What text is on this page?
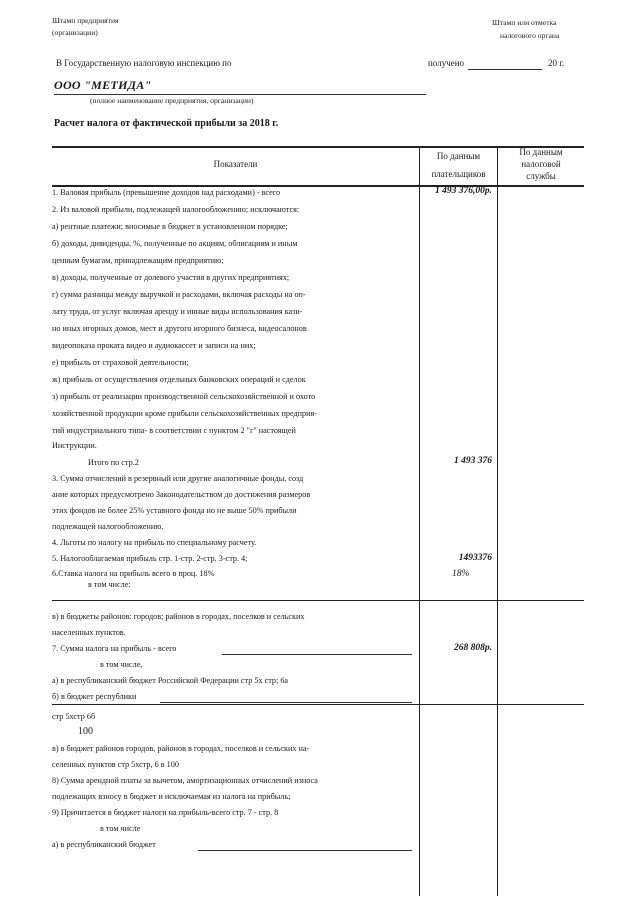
Штамп предприятия
(организации)
Штамп или отметка
налогового органа
В Государственную налоговую инспекцию по	получено	20 г.
ООО "МЕТИДА"
(полное наименование предприятия, организации)
Расчет налога от фактической прибыли за 2018 г.
Показатели
По данным
плательщиков
По данным
налоговой
службы
1. Валовая прибыль (превышение доходов над расходами) - всего
2. Из валовой прибыли, подлежащей налогообложению; исключаются:
а) рентные платежи; вносимые в бюджет в установленном порядке;
б) доходы, дивиденды, %, полученные по акциям, облигациям и иным
ценным бумагам, принадлежащим предприятию;
в) доходы, полученные от долевого участия в других предприятиях;
г) сумма разницы между выручкой и расходами, включая расходы на оп-
лату труда, от услуг включая аренду и инные виды использования кази-
но иных игорных домов, мест и другого игорного бизнеса, видеосалонов
видеопоказа проката видео и аудиокассет и записи на них;
е) прибыль от страховой деятельности;
ж) прибыль от осуществления отдельных банковских операций и сделок
з) прибыль от реализации производственной сельскохозяйственной и охото
хозяйственной продукции кроме прибыли сельскохозяйственных предприя-
тий индустриального типа- в соответствии с пунктом 2 "г" настоящей
Инструкции.
Итого по стр.2
3. Сумма отчислений в резервный или другие аналогичные фонды, созд
ание которых предусмотрено Законодательством до достижения размеров
этих фондов не более 25% уставного фонда но не выше 50% прибыли
подлежащей налогообложению.
4. Льготы по налогу на прибыль по специальному расчету.
5. Налогооблагаемая прибыль стр. 1-стр. 2-стр. 3-стр. 4;
6.Ставка налога на прибыль всего в проц. 18%
в том числе:
в) в бюджеты районов: городов; районов в городах, поселков и сельских
населенных пунктов.
7. Сумма налога на прибыль - всего
в том числе,
а) в республиканский бюджет Российской Федерации стр 5х стр; 6а
б) в бюджет республики
стр 5хстр 6б
100
в) в бюджет районов городов, районов в городах, поселков и сельских на-
селенных пунктов стр 5хстр, 6 в 100
8) Сумма арендной платы за вычетом, амортизационных отчислений износа
подлежащих взносу в бюджет и исключаемая из налога на прибыль;
9) Причитается в бюджет налоги на прибыль-всего стр. 7 - стр. 8
в том числе
а) в республиканский бюджет
1 493 376,00р.
1 493 376
1493376
18%
268 808р.
